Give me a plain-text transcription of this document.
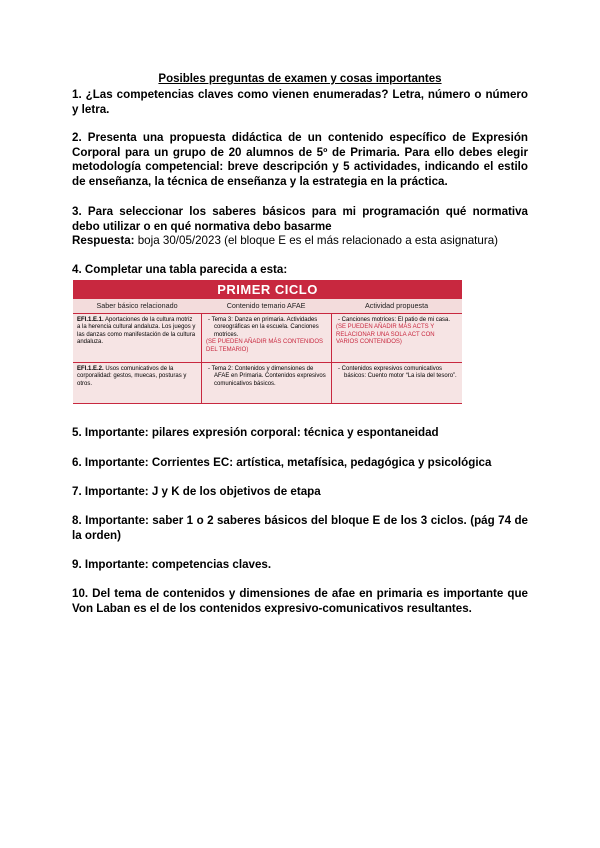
Posibles preguntas de examen y cosas importantes
1. ¿Las competencias claves como vienen enumeradas? Letra, número o número y letra.
2. Presenta una propuesta didáctica de un contenido específico de Expresión Corporal para un grupo de 20 alumnos de 5º de Primaria. Para ello debes elegir metodología competencial: breve descripción y 5 actividades, indicando el estilo de enseñanza, la técnica de enseñanza y la estrategia en la práctica.
3. Para seleccionar los saberes básicos para mi programación qué normativa debo utilizar o en qué normativa debo basarme
Respuesta: boja 30/05/2023 (el bloque E es el más relacionado a esta asignatura)
4. Completar una tabla parecida a esta:
PRIMER CICLO
Saber básico relacionado	Contenido temario AFAE	Actividad propuesta
EFI.1.E.1. Aportaciones de la cultura motriz a la herencia cultural andaluza. Los juegos y las danzas como manifestación de la cultura andaluza.
- Tema 3: Danza en primaria. Actividades coreográficas en la escuela. Canciones motrices.
(SE PUEDEN AÑADIR MÁS CONTENIDOS DEL TEMARIO)
- Canciones motrices: El patio de mi casa.
(SE PUEDEN AÑADIR MÁS ACTS Y RELACIONAR UNA SOLA ACT CON VARIOS CONTENIDOS)
EFI.1.E.2. Usos comunicativos de la corporalidad: gestos, muecas, posturas y otros.
- Tema 2: Contenidos y dimensiones de AFAE en Primaria. Contenidos expresivos comunicativos básicos.
- Contenidos expresivos comunicativos básicos: Cuento motor “La isla del tesoro”.
5. Importante: pilares expresión corporal: técnica y espontaneidad
6. Importante: Corrientes EC: artística, metafísica, pedagógica y psicológica
7. Importante: J y K de los objetivos de etapa
8. Importante: saber 1 o 2 saberes básicos del bloque E de los 3 ciclos. (pág 74 de la orden)
9. Importante: competencias claves.
10. Del tema de contenidos y dimensiones de afae en primaria es importante que Von Laban es el de los contenidos expresivo-comunicativos resultantes.
